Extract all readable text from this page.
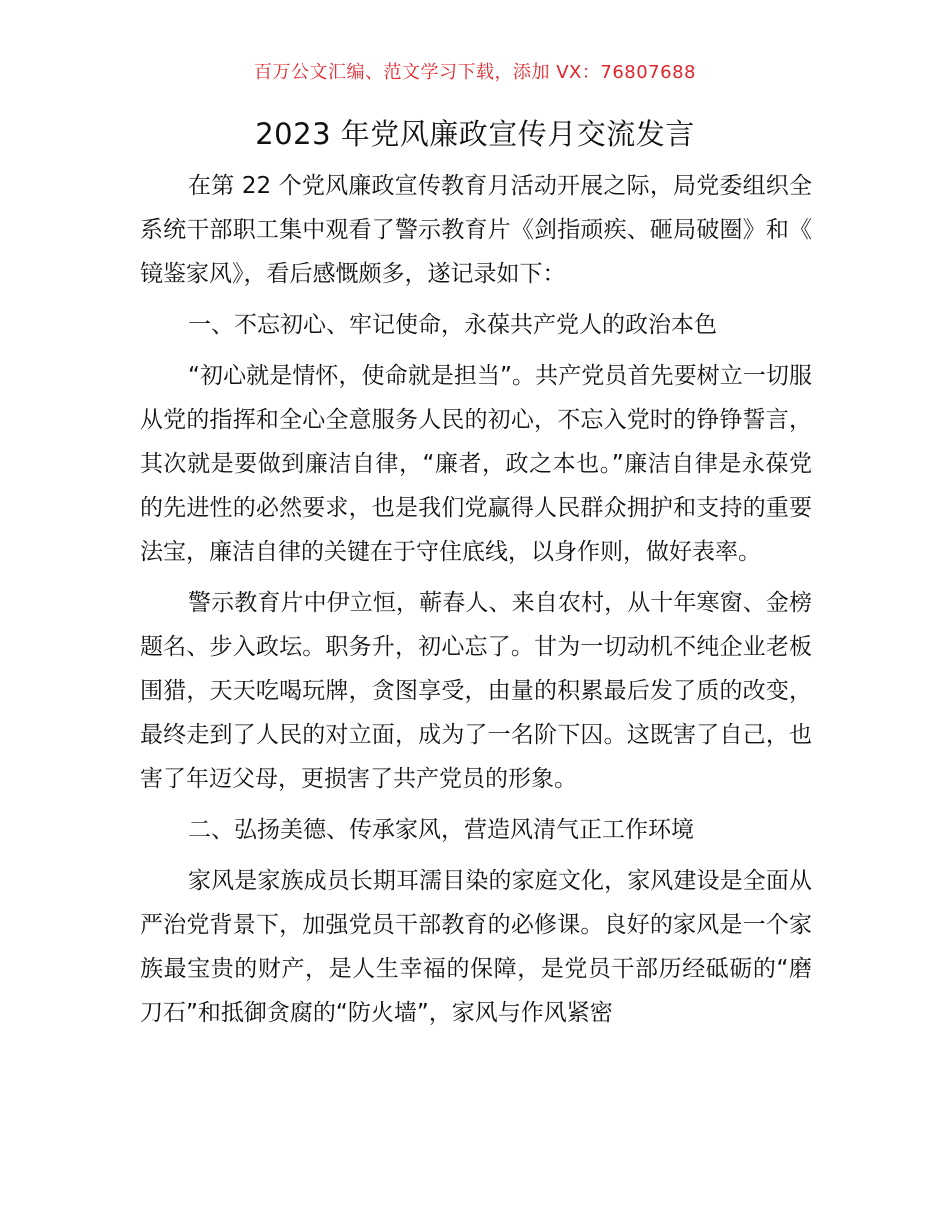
百万公文汇编、范文学习下载，添加 VX：76807688
2023 年党风廉政宣传月交流发言

在第 22 个党风廉政宣传教育月活动开展之际，局党委组织全系统干部职工集中观看了警示教育片《剑指顽疾、砸局破圈》和《镜鉴家风》，看后感慨颇多，遂记录如下：

一、不忘初心、牢记使命，永葆共产党人的政治本色

“初心就是情怀，使命就是担当”。共产党员首先要树立一切服从党的指挥和全心全意服务人民的初心，不忘入党时的铮铮誓言，其次就是要做到廉洁自律，“廉者，政之本也。”廉洁自律是永葆党的先进性的必然要求，也是我们党赢得人民群众拥护和支持的重要法宝，廉洁自律的关键在于守住底线，以身作则，做好表率。

警示教育片中伊立恒，蕲春人、来自农村，从十年寒窗、金榜题名、步入政坛。职务升，初心忘了。甘为一切动机不纯企业老板围猎，天天吃喝玩牌，贪图享受，由量的积累最后发了质的改变，最终走到了人民的对立面，成为了一名阶下囚。这既害了自己，也害了年迈父母，更损害了共产党员的形象。

二、弘扬美德、传承家风，营造风清气正工作环境

家风是家族成员长期耳濡目染的家庭文化，家风建设是全面从严治党背景下，加强党员干部教育的必修课。良好的家风是一个家族最宝贵的财产，是人生幸福的保障，是党员干部历经砥砺的“磨刀石”和抵御贪腐的“防火墙”，家风与作风紧密
